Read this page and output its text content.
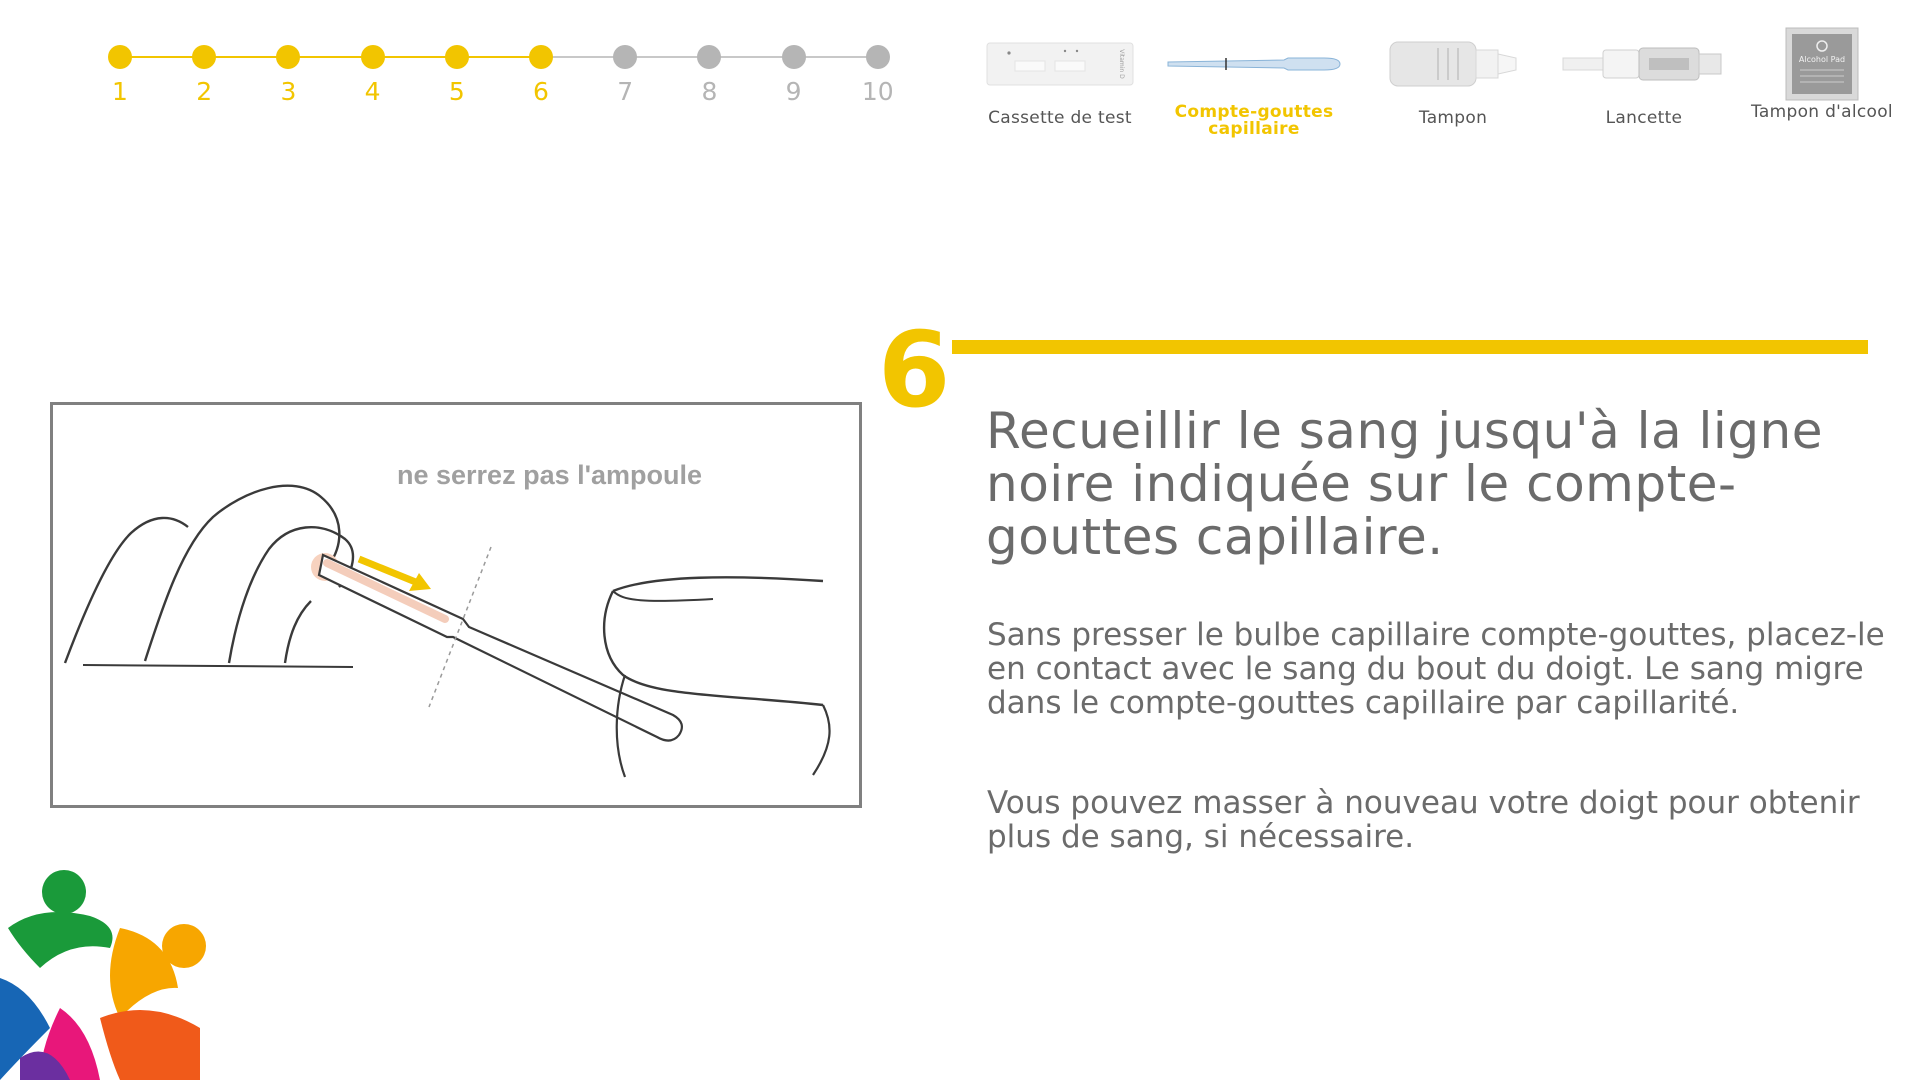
1	2	3	4	5	6	7	8	9	10
Vitamin D
Cassette de test	Compte-gouttes capillaire
Tampon	Lancette
Alcohol Pad
Tampon d'alcool
6 Recueillir le sang jusqu'à la ligne noire indiquée sur le compte-gouttes capillaire.

Sans presser le bulbe capillaire compte-gouttes, placez-le en contact avec le sang du bout du doigt. Le sang migre dans le compte-gouttes capillaire par capillarité.

Vous pouvez masser à nouveau votre doigt pour obtenir plus de sang, si nécessaire.

ne serrez pas l'ampoule
